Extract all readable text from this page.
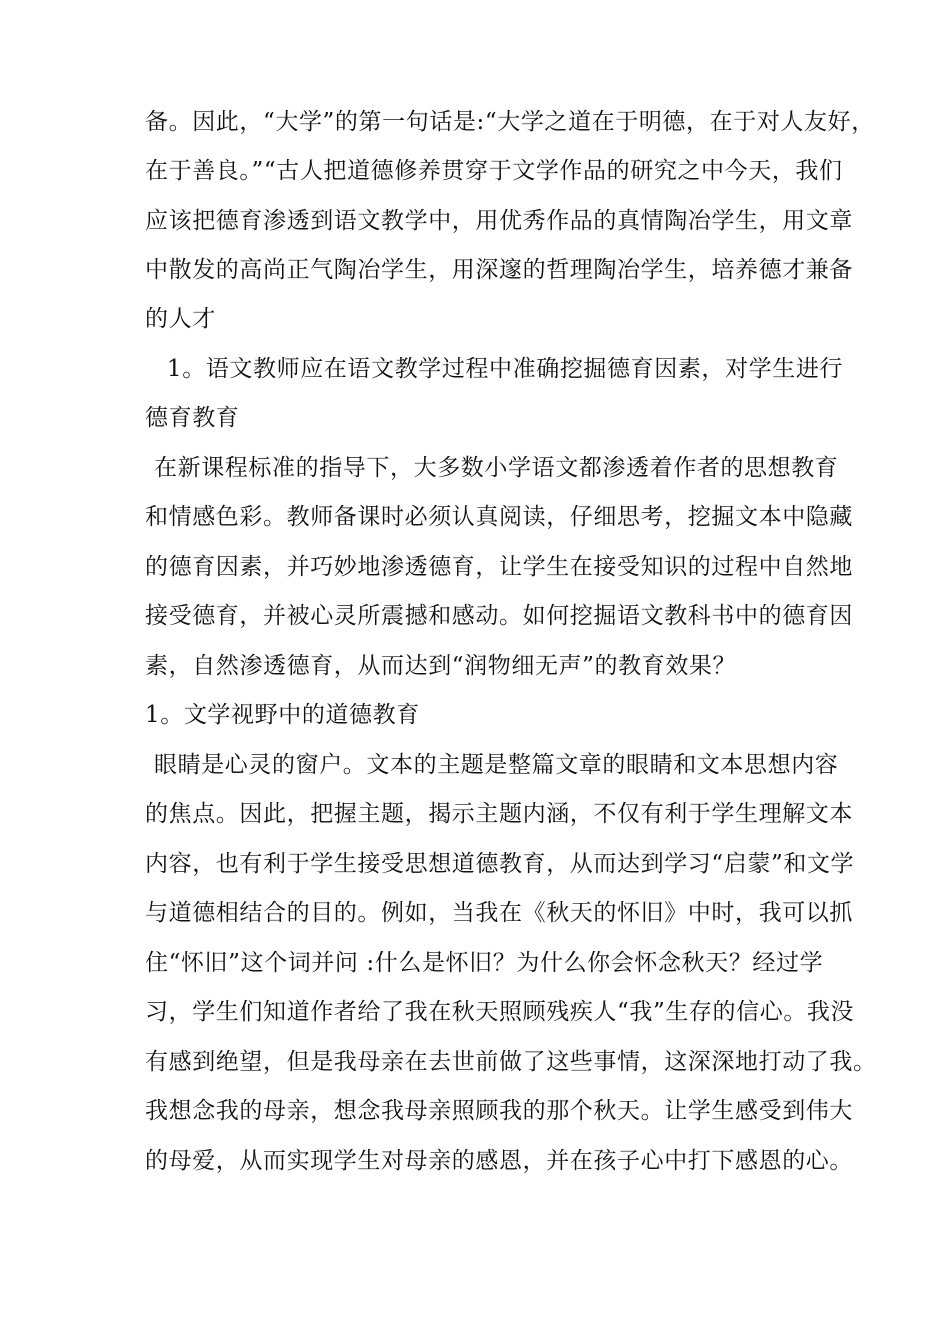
备。因此，“大学”的第一句话是:“大学之道在于明德，在于对人友好，
在于善良。”“古人把道德修养贯穿于文学作品的研究之中今天，我们
应该把德育渗透到语文教学中，用优秀作品的真情陶冶学生，用文章
中散发的高尚正气陶冶学生，用深邃的哲理陶冶学生，培养德才兼备
的人才
1。语文教师应在语文教学过程中准确挖掘德育因素，对学生进行
德育教育
在新课程标准的指导下，大多数小学语文都渗透着作者的思想教育
和情感色彩。教师备课时必须认真阅读，仔细思考，挖掘文本中隐藏
的德育因素，并巧妙地渗透德育，让学生在接受知识的过程中自然地
接受德育，并被心灵所震撼和感动。如何挖掘语文教科书中的德育因
素，自然渗透德育，从而达到“润物细无声”的教育效果？
1。文学视野中的道德教育
眼睛是心灵的窗户。文本的主题是整篇文章的眼睛和文本思想内容
的焦点。因此，把握主题，揭示主题内涵，不仅有利于学生理解文本
内容，也有利于学生接受思想道德教育，从而达到学习“启蒙”和文学
与道德相结合的目的。例如，当我在《秋天的怀旧》中时，我可以抓
住“怀旧”这个词并问 :什么是怀旧？为什么你会怀念秋天？经过学
习，学生们知道作者给了我在秋天照顾残疾人“我”生存的信心。我没
有感到绝望，但是我母亲在去世前做了这些事情，这深深地打动了我。
我想念我的母亲，想念我母亲照顾我的那个秋天。让学生感受到伟大
的母爱，从而实现学生对母亲的感恩，并在孩子心中打下感恩的心。
